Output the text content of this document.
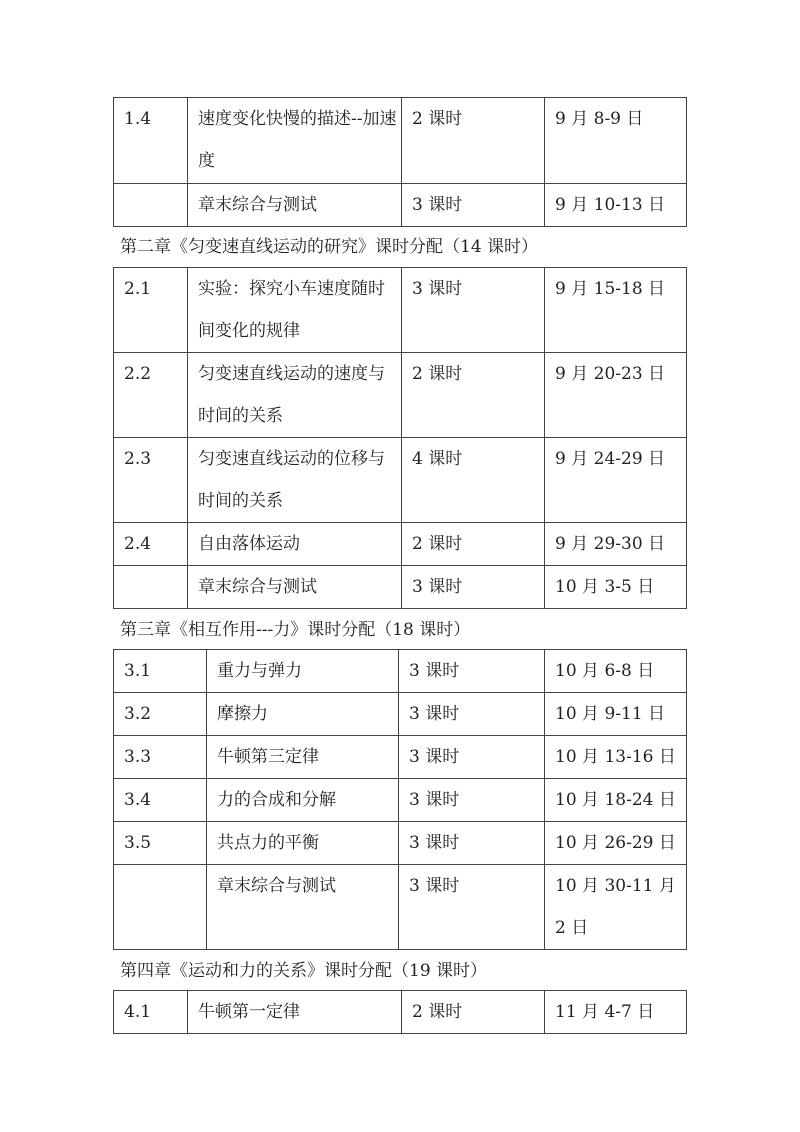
1.4	速度变化快慢的描述--加速度	2 课时	9 月 8-9 日
	章末综合与测试	3 课时	9 月 10-13 日
第二章《匀变速直线运动的研究》课时分配（14 课时）
2.1	实验：探究小车速度随时间变化的规律	3 课时	9 月 15-18 日
2.2	匀变速直线运动的速度与时间的关系	2 课时	9 月 20-23 日
2.3	匀变速直线运动的位移与时间的关系	4 课时	9 月 24-29 日
2.4	自由落体运动	2 课时	9 月 29-30 日
	章末综合与测试	3 课时	10 月 3-5 日
第三章《相互作用---力》课时分配（18 课时）
3.1	重力与弹力	3 课时	10 月 6-8 日
3.2	摩擦力	3 课时	10 月 9-11 日
3.3	牛顿第三定律	3 课时	10 月 13-16 日
3.4	力的合成和分解	3 课时	10 月 18-24 日
3.5	共点力的平衡	3 课时	10 月 26-29 日
	章末综合与测试	3 课时	10 月 30-11 月 2 日
第四章《运动和力的关系》课时分配（19 课时）
4.1	牛顿第一定律	2 课时	11 月 4-7 日
